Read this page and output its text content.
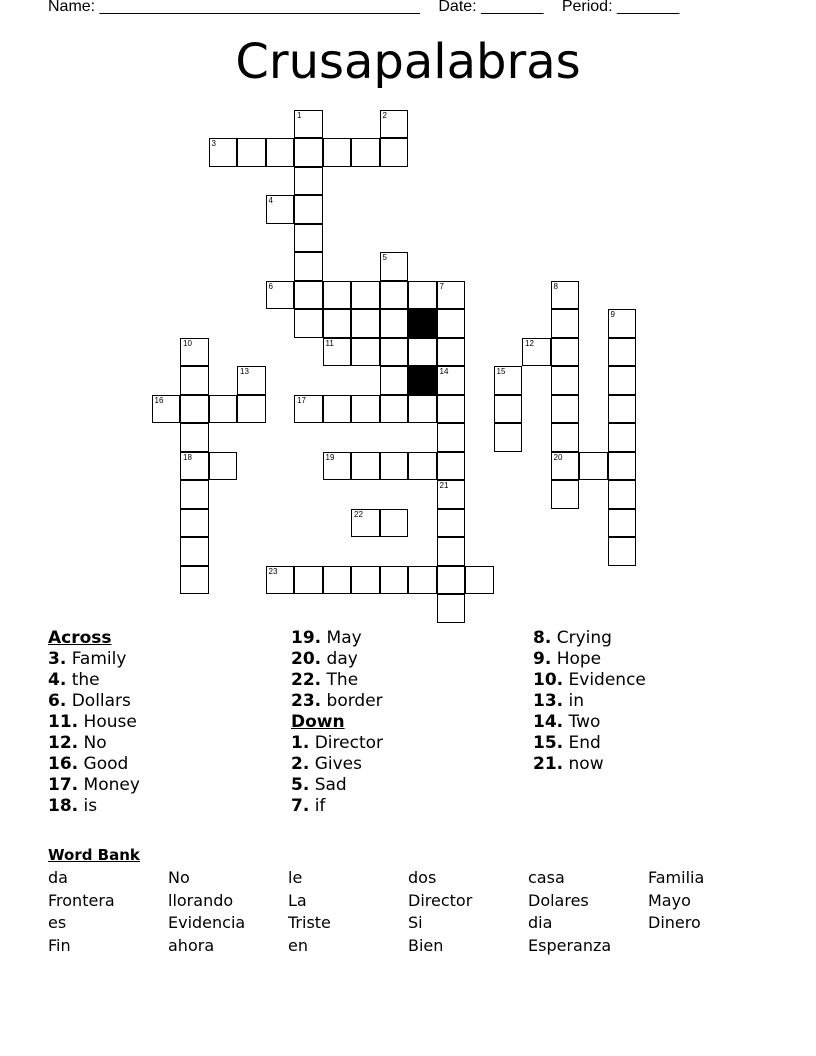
Name: ____________________________________ Date: _______ Period: _______
Crusapalabras
1	2
3
4
5
6	7	8
9
10	11	12
13	14	15
16	17
18	19	20
21
22
23
Across
3. Family
4. the
6. Dollars
11. House
12. No
16. Good
17. Money
18. is
19. May
20. day
22. The
23. border
Down
1. Director
2. Gives
5. Sad
7. if
8. Crying
9. Hope
10. Evidence
13. in
14. Two
15. End
21. now
Word Bank
da	No	le	dos	casa	Familia
Frontera	llorando	La	Director	Dolares	Mayo
es	Evidencia	Triste	Si	dia	Dinero
Fin	ahora	en	Bien	Esperanza
